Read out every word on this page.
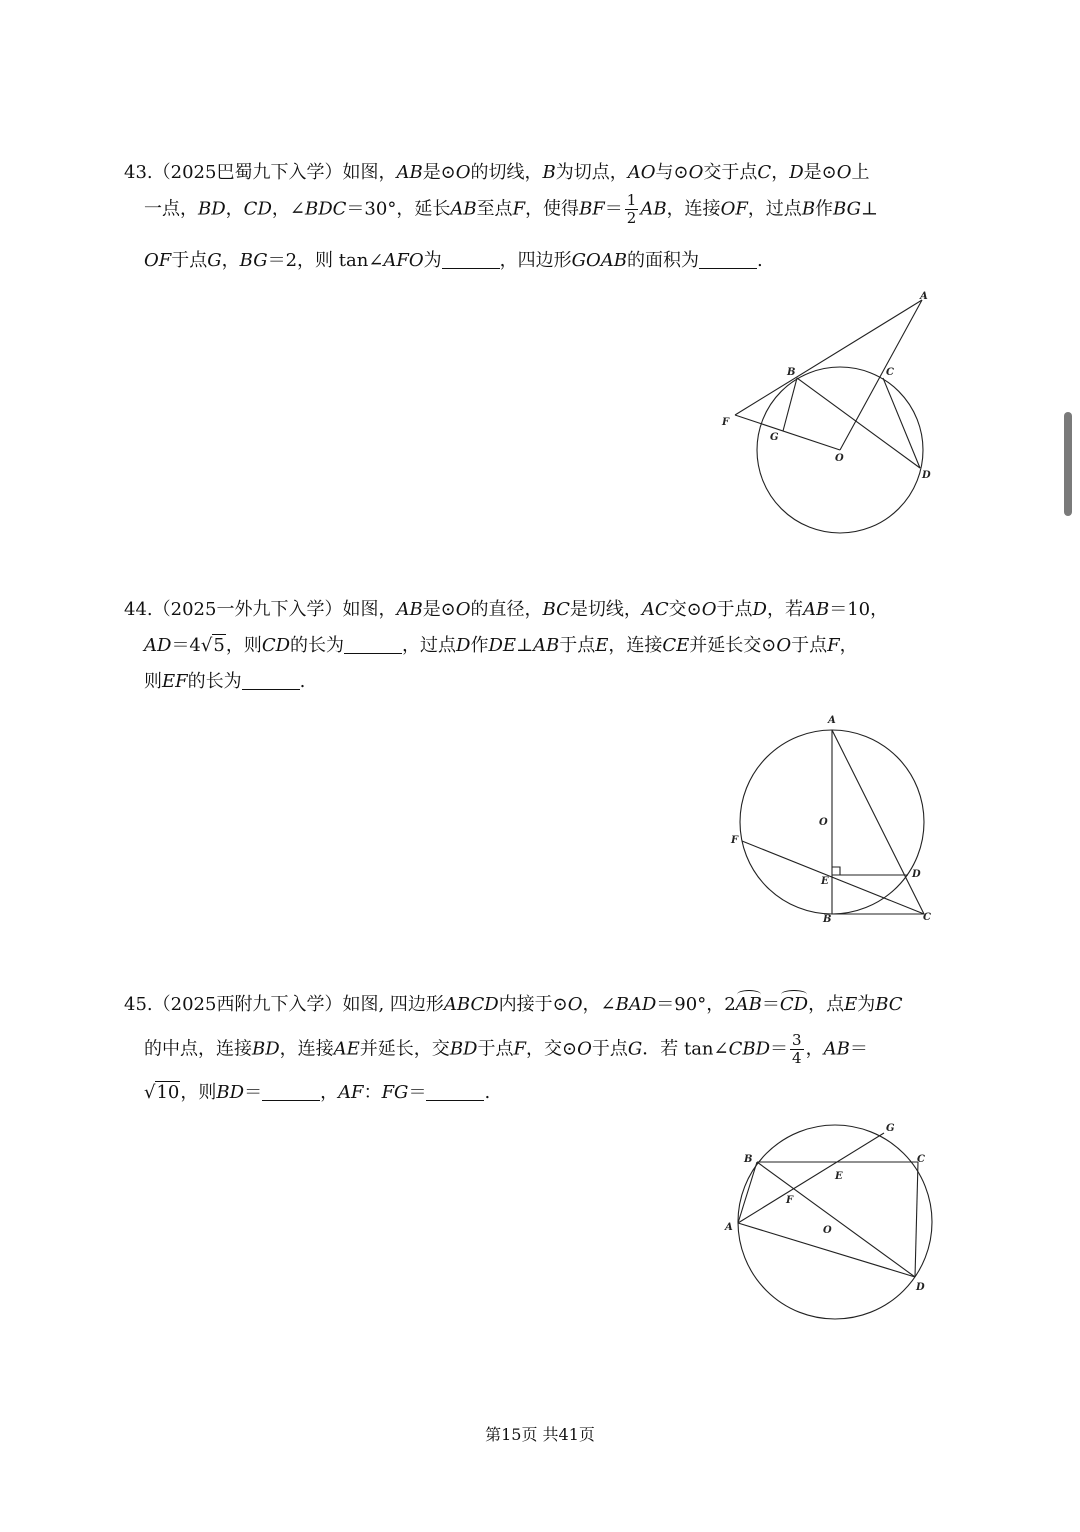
43.（2025巴蜀九下入学）如图，AB是⊙O的切线，B为切点，AO与⊙O交于点C，D是⊙O上
一点，BD，CD，∠BDC＝30°，延长AB至点F，使得$BF= \frac{1}{2}$ AB，连接OF，过点B作BG⊥
OF于点G，BG＝2，则 tan∠AFO为	，四边形GOAB的面积为	.
A
B	C
F
G
O
D
44.（2025一外九下入学）如图，AB是⊙O的直径，BC是切线，AC交⊙O于点D，若AB＝10，
AD＝4√5，则CD的长为	，过点D作DE⊥AB于点E，连接CE并延长交⊙O于点F，
则EF的长为	.
A
O
F
D
E
B	C
45.（2025西附九下入学）如图, 四边形ABCD内接于⊙O，∠BAD＝90°，2AB＝CD，点E为BC
的中点，连接BD，连接AE并延长，交BD于点F，交⊙O于点G．若 tan∠CBD＝ $\frac{3}{4}$ ，AB＝
√10，则BD＝	，AF：FG＝	.
G
B	C
E
F
A	O
D
第15页 共41页
